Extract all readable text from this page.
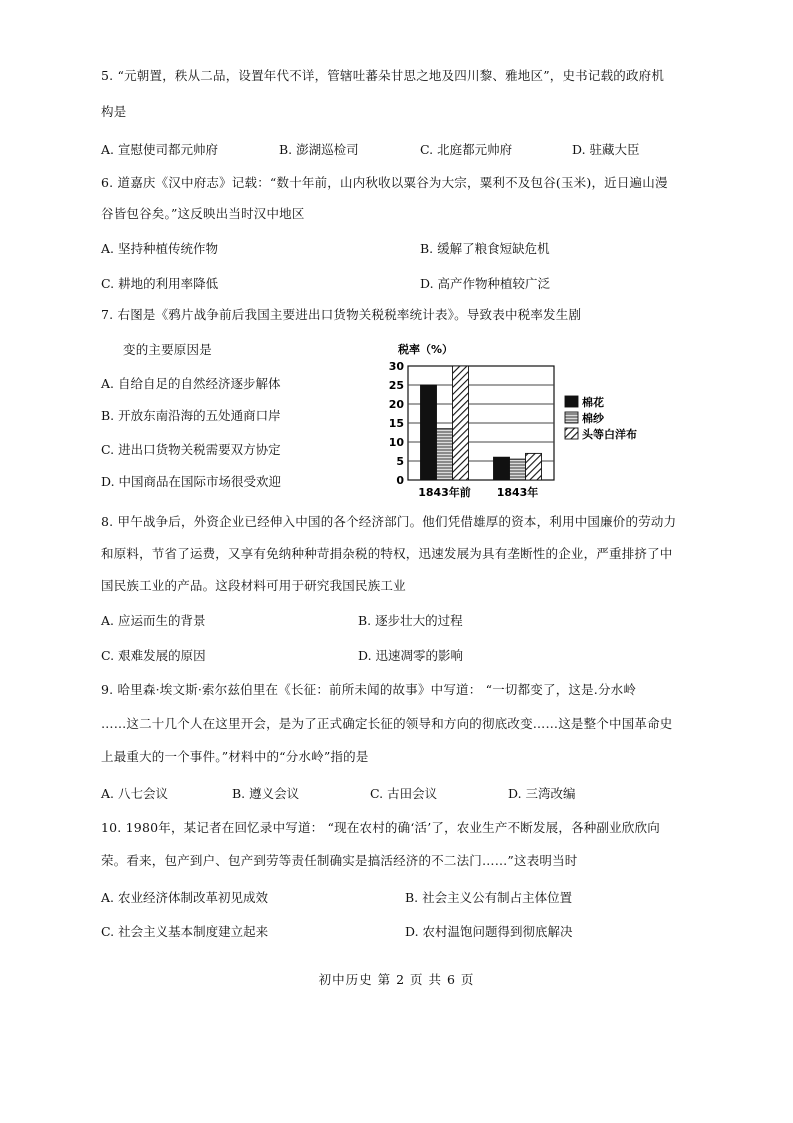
5. “元朝置，秩从二品，设置年代不详，管辖吐蕃朵甘思之地及四川黎、雅地区”，史书记载的政府机
构是
A. 宣慰使司都元帅府	B. 澎湖巡检司	C. 北庭都元帅府	D. 驻藏大臣
6. 道嘉庆《汉中府志》记载：“数十年前，山内秋收以粟谷为大宗，粟利不及包谷(玉米)，近日遍山漫
谷皆包谷矣。”这反映出当时汉中地区
A. 坚持种植传统作物	B. 缓解了粮食短缺危机
C. 耕地的利用率降低	D. 高产作物种植较广泛
7. 右图是《鸦片战争前后我国主要进出口货物关税税率统计表》。导致表中税率发生剧
变的主要原因是
A. 自给自足的自然经济逐步解体
B. 开放东南沿海的五处通商口岸
C. 进出口货物关税需要双方协定
D. 中国商品在国际市场很受欢迎
税率（%）
0
5
10
15
20
25
30
1843年前 1843年
棉花
棉纱
头等白洋布
8. 甲午战争后，外资企业已经伸入中国的各个经济部门。他们凭借雄厚的资本，利用中国廉价的劳动力
和原料，节省了运费，又享有免纳种种苛捐杂税的特权，迅速发展为具有垄断性的企业，严重排挤了中
国民族工业的产品。这段材料可用于研究我国民族工业
A. 应运而生的背景	B. 逐步壮大的过程
C. 艰难发展的原因	D. 迅速凋零的影响
9. 哈里森·埃文斯·索尔兹伯里在《长征：前所未闻的故事》中写道： “一切都变了，这是.分水岭
……这二十几个人在这里开会，是为了正式确定长征的领导和方向的彻底改变……这是整个中国革命史
上最重大的一个事件。”材料中的“分水岭”指的是
A. 八七会议	B. 遵义会议	C. 古田会议	D. 三湾改编
10. 1980年，某记者在回忆录中写道： “现在农村的确‘活’了，农业生产不断发展，各种副业欣欣向
荣。看来，包产到户、包产到劳等责任制确实是搞活经济的不二法门……”这表明当时
A. 农业经济体制改革初见成效	B. 社会主义公有制占主体位置
C. 社会主义基本制度建立起来	D. 农村温饱问题得到彻底解决
初中历史 第 2 页 共 6 页
